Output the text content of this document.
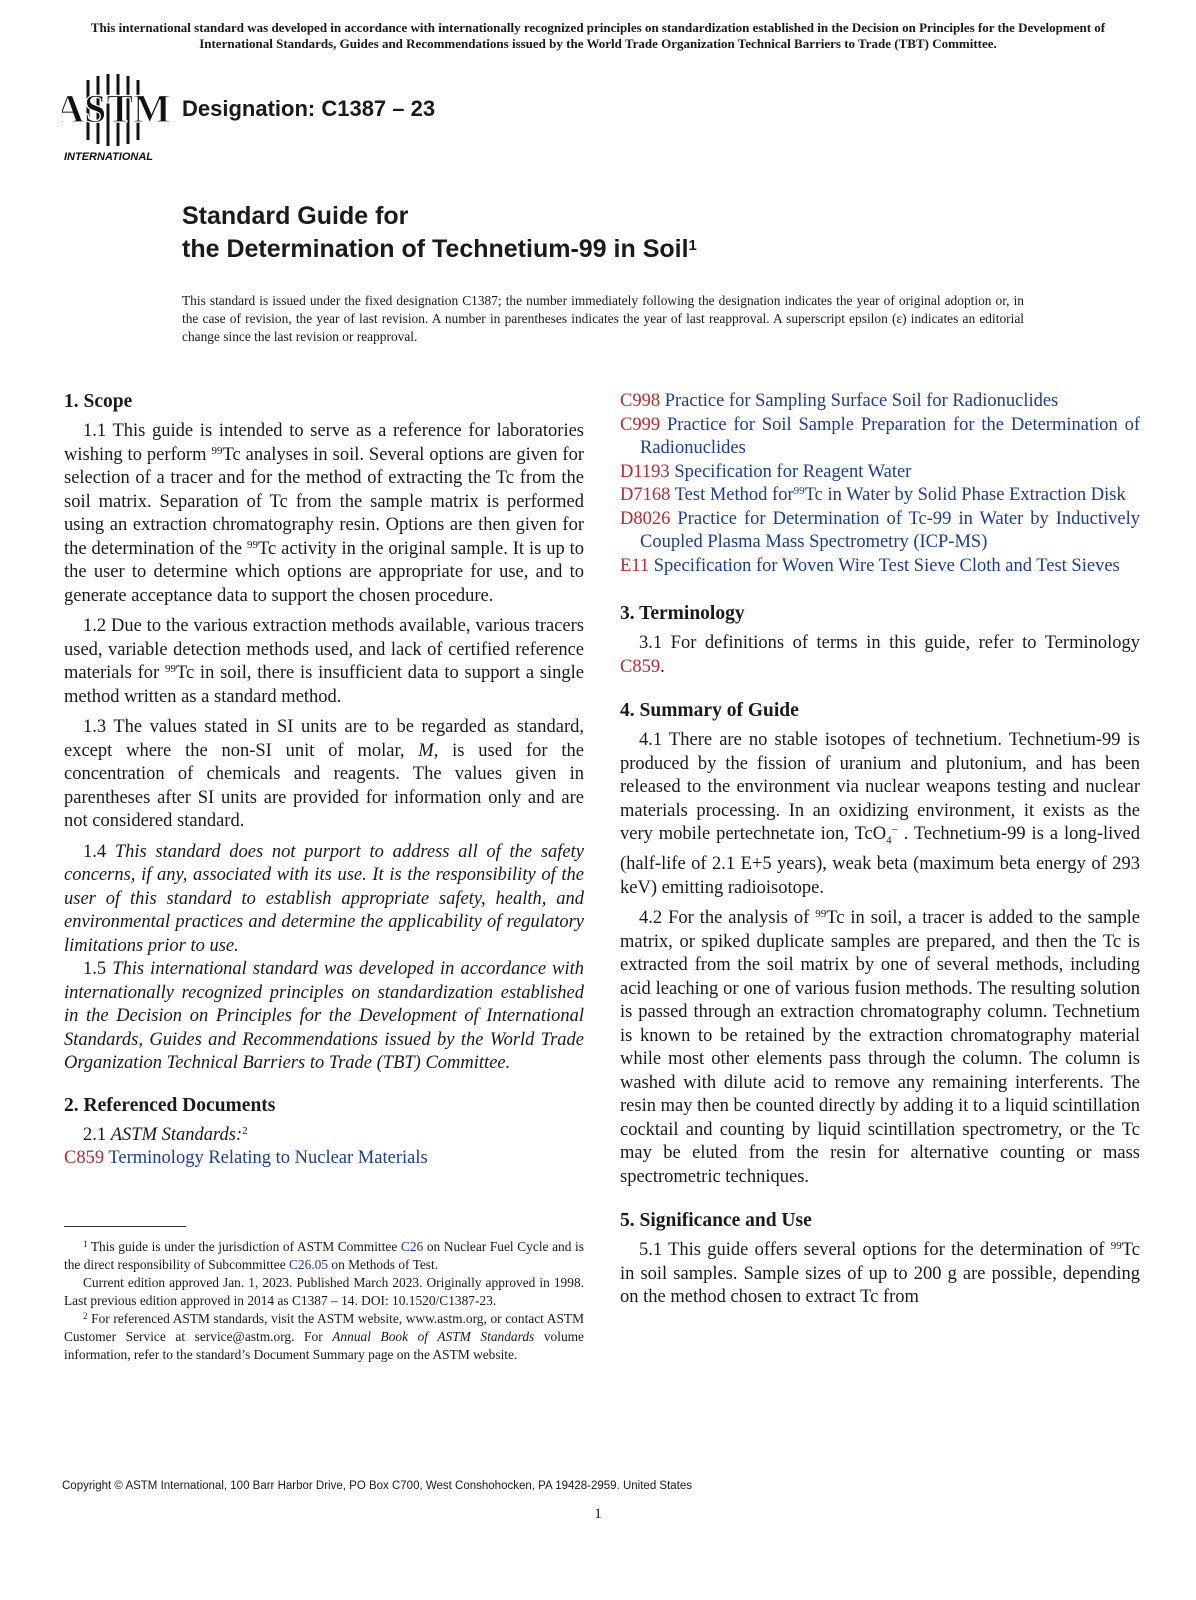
This international standard was developed in accordance with internationally recognized principles on standardization established in the Decision on Principles for the Development of International Standards, Guides and Recommendations issued by the World Trade Organization Technical Barriers to Trade (TBT) Committee.
ASTM
INTERNATIONAL
Designation: C1387 – 23
Standard Guide for
the Determination of Technetium-99 in Soil$^1$
This standard is issued under the fixed designation C1387; the number immediately following the designation indicates the year of original adoption or, in the case of revision, the year of last revision. A number in parentheses indicates the year of last reapproval. A superscript epsilon (ε) indicates an editorial change since the last revision or reapproval.
1. Scope

1.1 This guide is intended to serve as a reference for laboratories wishing to perform $^{99}$Tc analyses in soil. Several options are given for selection of a tracer and for the method of extracting the Tc from the soil matrix. Separation of Tc from the sample matrix is performed using an extraction chromatography resin. Options are then given for the determination of the $^{99}$Tc activity in the original sample. It is up to the user to determine which options are appropriate for use, and to generate acceptance data to support the chosen procedure.

1.2 Due to the various extraction methods available, various tracers used, variable detection methods used, and lack of certified reference materials for $^{99}$Tc in soil, there is insufficient data to support a single method written as a standard method.

1.3 The values stated in SI units are to be regarded as standard, except where the non-SI unit of molar, M, is used for the concentration of chemicals and reagents. The values given in parentheses after SI units are provided for information only and are not considered standard.

1.4 This standard does not purport to address all of the safety concerns, if any, associated with its use. It is the responsibility of the user of this standard to establish appropriate safety, health, and environmental practices and determine the applicability of regulatory limitations prior to use.

1.5 This international standard was developed in accordance with internationally recognized principles on standardization established in the Decision on Principles for the Development of International Standards, Guides and Recommendations issued by the World Trade Organization Technical Barriers to Trade (TBT) Committee.

2. Referenced Documents

2.1 ASTM Standards:$^2$

C859 Terminology Relating to Nuclear Materials

$^1$ This guide is under the jurisdiction of ASTM Committee C26 on Nuclear Fuel Cycle and is the direct responsibility of Subcommittee C26.05 on Methods of Test.

Current edition approved Jan. 1, 2023. Published March 2023. Originally approved in 1998. Last previous edition approved in 2014 as C1387 – 14. DOI: 10.1520/C1387-23.

$^2$ For referenced ASTM standards, visit the ASTM website, www.astm.org, or contact ASTM Customer Service at service@astm.org. For Annual Book of ASTM Standards volume information, refer to the standard’s Document Summary page on the ASTM website.

C998 Practice for Sampling Surface Soil for Radionuclides
C999 Practice for Soil Sample Preparation for the Determination of Radionuclides
D1193 Specification for Reagent Water
D7168 Test Method for$^{99}$Tc in Water by Solid Phase Extraction Disk
D8026 Practice for Determination of Tc-99 in Water by Inductively Coupled Plasma Mass Spectrometry (ICP-MS)
E11 Specification for Woven Wire Test Sieve Cloth and Test Sieves
3. Terminology

3.1 For definitions of terms in this guide, refer to Terminology C859.

4. Summary of Guide

4.1 There are no stable isotopes of technetium. Technetium-99 is produced by the fission of uranium and plutonium, and has been released to the environment via nuclear weapons testing and nuclear materials processing. In an oxidizing environment, it exists as the very mobile pertechnetate ion, TcO$_4$− . Technetium-99 is a long-lived (half-life of 2.1 E+5 years), weak beta (maximum beta energy of 293 keV) emitting radioisotope.

4.2 For the analysis of $^{99}$Tc in soil, a tracer is added to the sample matrix, or spiked duplicate samples are prepared, and then the Tc is extracted from the soil matrix by one of several methods, including acid leaching or one of various fusion methods. The resulting solution is passed through an extraction chromatography column. Technetium is known to be retained by the extraction chromatography material while most other elements pass through the column. The column is washed with dilute acid to remove any remaining interferents. The resin may then be counted directly by adding it to a liquid scintillation cocktail and counting by liquid scintillation spectrometry, or the Tc may be eluted from the resin for alternative counting or mass spectrometric techniques.

5. Significance and Use

5.1 This guide offers several options for the determination of $^{99}$Tc in soil samples. Sample sizes of up to 200 g are possible, depending on the method chosen to extract Tc from

Copyright © ASTM International, 100 Barr Harbor Drive, PO Box C700, West Conshohocken, PA 19428-2959. United States
1
